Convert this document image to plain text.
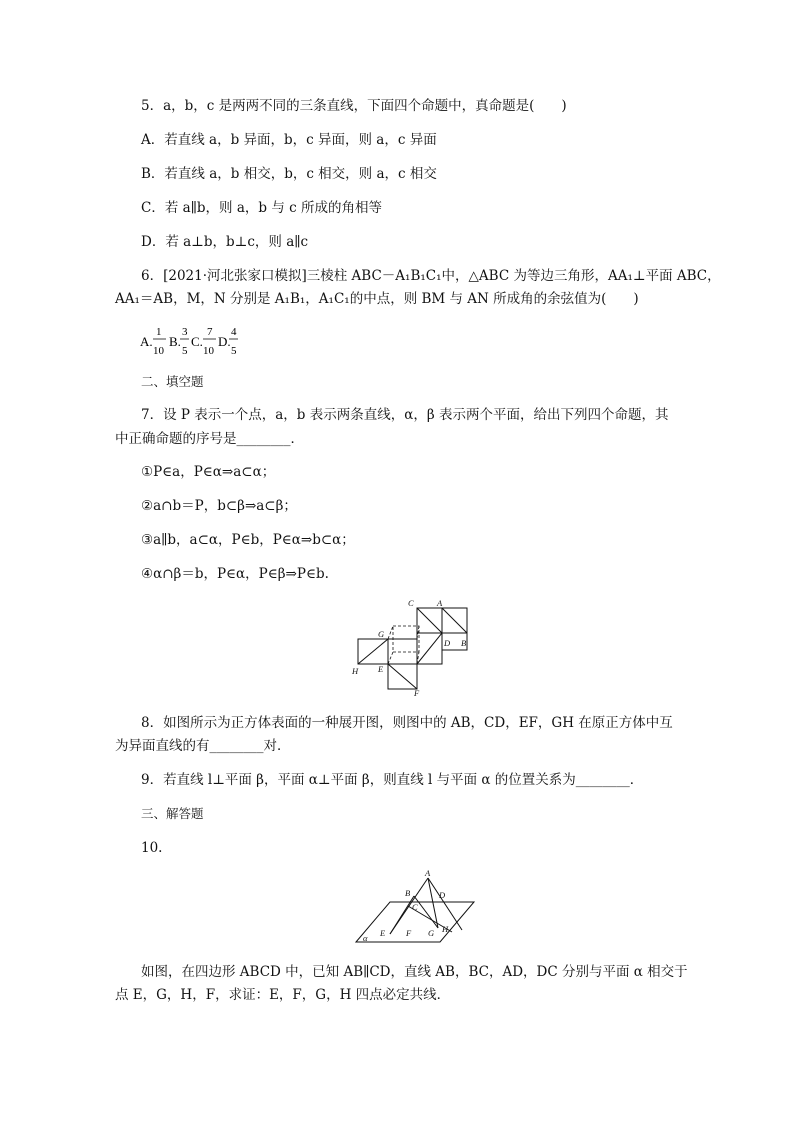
5．a，b，c 是两两不同的三条直线，下面四个命题中，真命题是(　　)
A．若直线 a，b 异面，b，c 异面，则 a，c 异面
B．若直线 a，b 相交，b，c 相交，则 a，c 相交
C．若 a∥b，则 a，b 与 c 所成的角相等
D．若 a⊥b，b⊥c，则 a∥c
6．[2021·河北张家口模拟]三棱柱 ABC－A₁B₁C₁中，△ABC 为等边三角形，AA₁⊥平面 ABC，
AA₁＝AB，M，N 分别是 A₁B₁，A₁C₁的中点，则 BM 与 AN 所成角的余弦值为(　　)
A.
1
10
B.
3
5
C.
7
10
D.
4
5
二、填空题
7．设 P 表示一个点，a，b 表示两条直线，α，β 表示两个平面，给出下列四个命题，其
中正确命题的序号是________．
①P∈a，P∈α⇒a⊂α；
②a∩b＝P，b⊂β⇒a⊂β；
③a∥b，a⊂α，P∈b，P∈α⇒b⊂α；
④α∩β＝b，P∈α，P∈β⇒P∈b.
C	A
G
D B
H E
F
8．如图所示为正方体表面的一种展开图，则图中的 AB，CD，EF，GH 在原正方体中互
为异面直线的有________对．
9．若直线 l⊥平面 β，平面 α⊥平面 β，则直线 l 与平面 α 的位置关系为________．
三、解答题
10.
A
B	D
C
E F G H
α
如图，在四边形 ABCD 中，已知 AB∥CD，直线 AB，BC，AD，DC 分别与平面 α 相交于
点 E，G，H，F，求证：E，F，G，H 四点必定共线．
